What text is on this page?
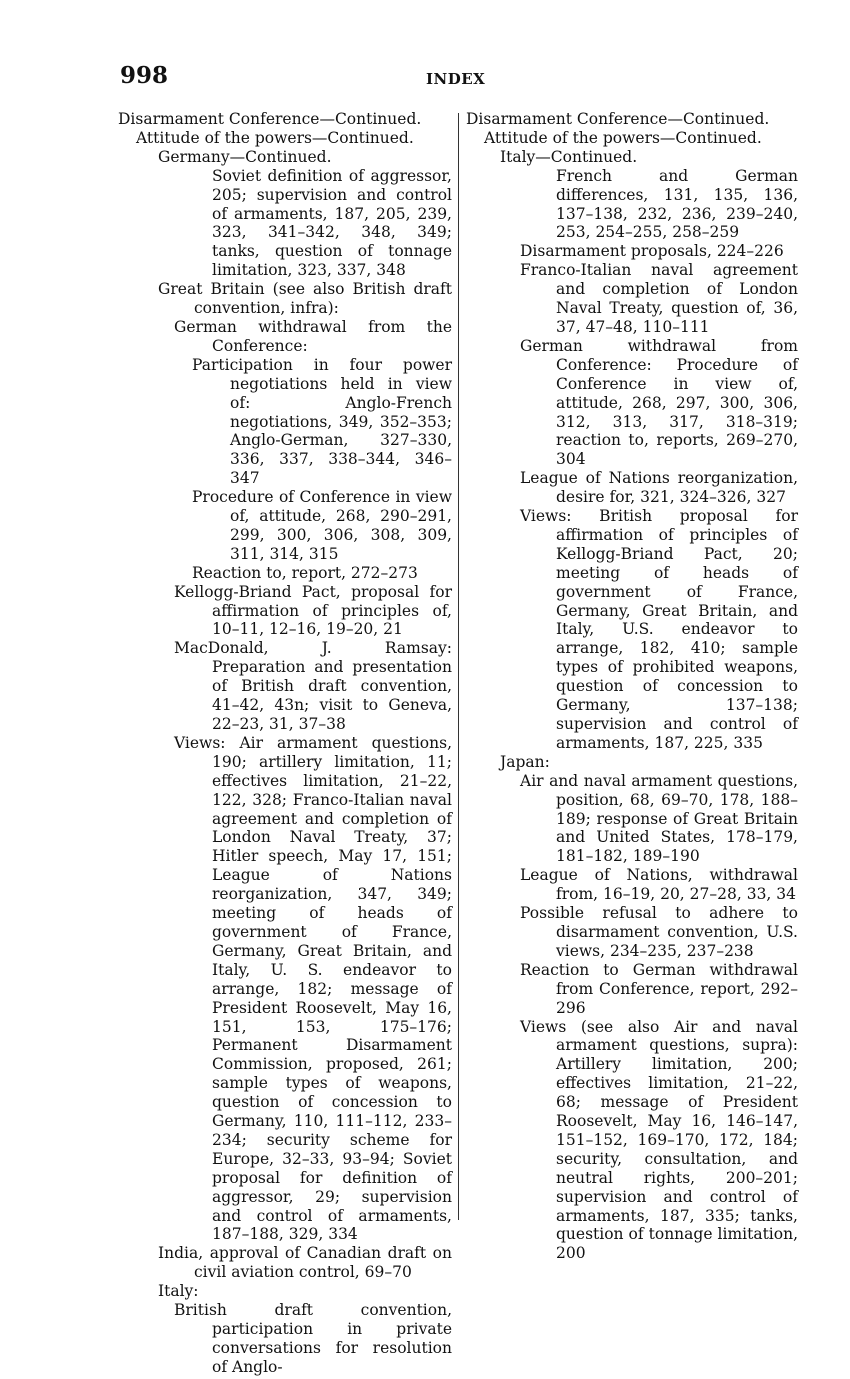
998	INDEX

Disarmament Conference—Continued.

Attitude of the powers—Continued.

Germany—Continued.

Soviet definition of aggressor, 205; supervision and control of armaments, 187, 205, 239, 323, 341–342, 348, 349; tanks, question of tonnage limitation, 323, 337, 348

Great Britain (see also British draft convention, infra):

German withdrawal from the Conference:

Participation in four power negotiations held in view of: Anglo-French negotiations, 349, 352–353; Anglo-German, 327–330, 336, 337, 338–344, 346–347

Procedure of Conference in view of, attitude, 268, 290–291, 299, 300, 306, 308, 309, 311, 314, 315

Reaction to, report, 272–273

Kellogg-Briand Pact, proposal for affirmation of principles of, 10–11, 12–16, 19–20, 21

MacDonald, J. Ramsay: Preparation and presentation of British draft convention, 41–42, 43n; visit to Geneva, 22–23, 31, 37–38

Views: Air armament questions, 190; artillery limitation, 11; effectives limitation, 21–22, 122, 328; Franco-Italian naval agreement and completion of London Naval Treaty, 37; Hitler speech, May 17, 151; League of Nations reorganization, 347, 349; meeting of heads of government of France, Germany, Great Britain, and Italy, U. S. endeavor to arrange, 182; message of President Roosevelt, May 16, 151, 153, 175–176; Permanent Disarmament Commission, proposed, 261; sample types of weapons, question of concession to Germany, 110, 111–112, 233–234; security scheme for Europe, 32–33, 93–94; Soviet proposal for definition of aggressor, 29; supervision and control of armaments, 187–188, 329, 334

India, approval of Canadian draft on civil aviation control, 69–70

Italy:

British draft convention, participation in private conversations for resolution of Anglo-

Disarmament Conference—Continued.

Attitude of the powers—Continued.

Italy—Continued.

French and German differences, 131, 135, 136, 137–138, 232, 236, 239–240, 253, 254–255, 258–259

Disarmament proposals, 224–226

Franco-Italian naval agreement and completion of London Naval Treaty, question of, 36, 37, 47–48, 110–111

German withdrawal from Conference: Procedure of Conference in view of, attitude, 268, 297, 300, 306, 312, 313, 317, 318–319; reaction to, reports, 269–270, 304

League of Nations reorganization, desire for, 321, 324–326, 327

Views: British proposal for affirmation of principles of Kellogg-Briand Pact, 20; meeting of heads of government of France, Germany, Great Britain, and Italy, U.S. endeavor to arrange, 182, 410; sample types of prohibited weapons, question of concession to Germany, 137–138; supervision and control of armaments, 187, 225, 335

Japan:

Air and naval armament questions, position, 68, 69–70, 178, 188–189; response of Great Britain and United States, 178–179, 181–182, 189–190

League of Nations, withdrawal from, 16–19, 20, 27–28, 33, 34

Possible refusal to adhere to disarmament convention, U.S. views, 234–235, 237–238

Reaction to German withdrawal from Conference, report, 292–296

Views (see also Air and naval armament questions, supra): Artillery limitation, 200; effectives limitation, 21–22, 68; message of President Roosevelt, May 16, 146–147, 151–152, 169–170, 172, 184; security, consultation, and neutral rights, 200–201; supervision and control of armaments, 187, 335; tanks, question of tonnage limitation, 200
